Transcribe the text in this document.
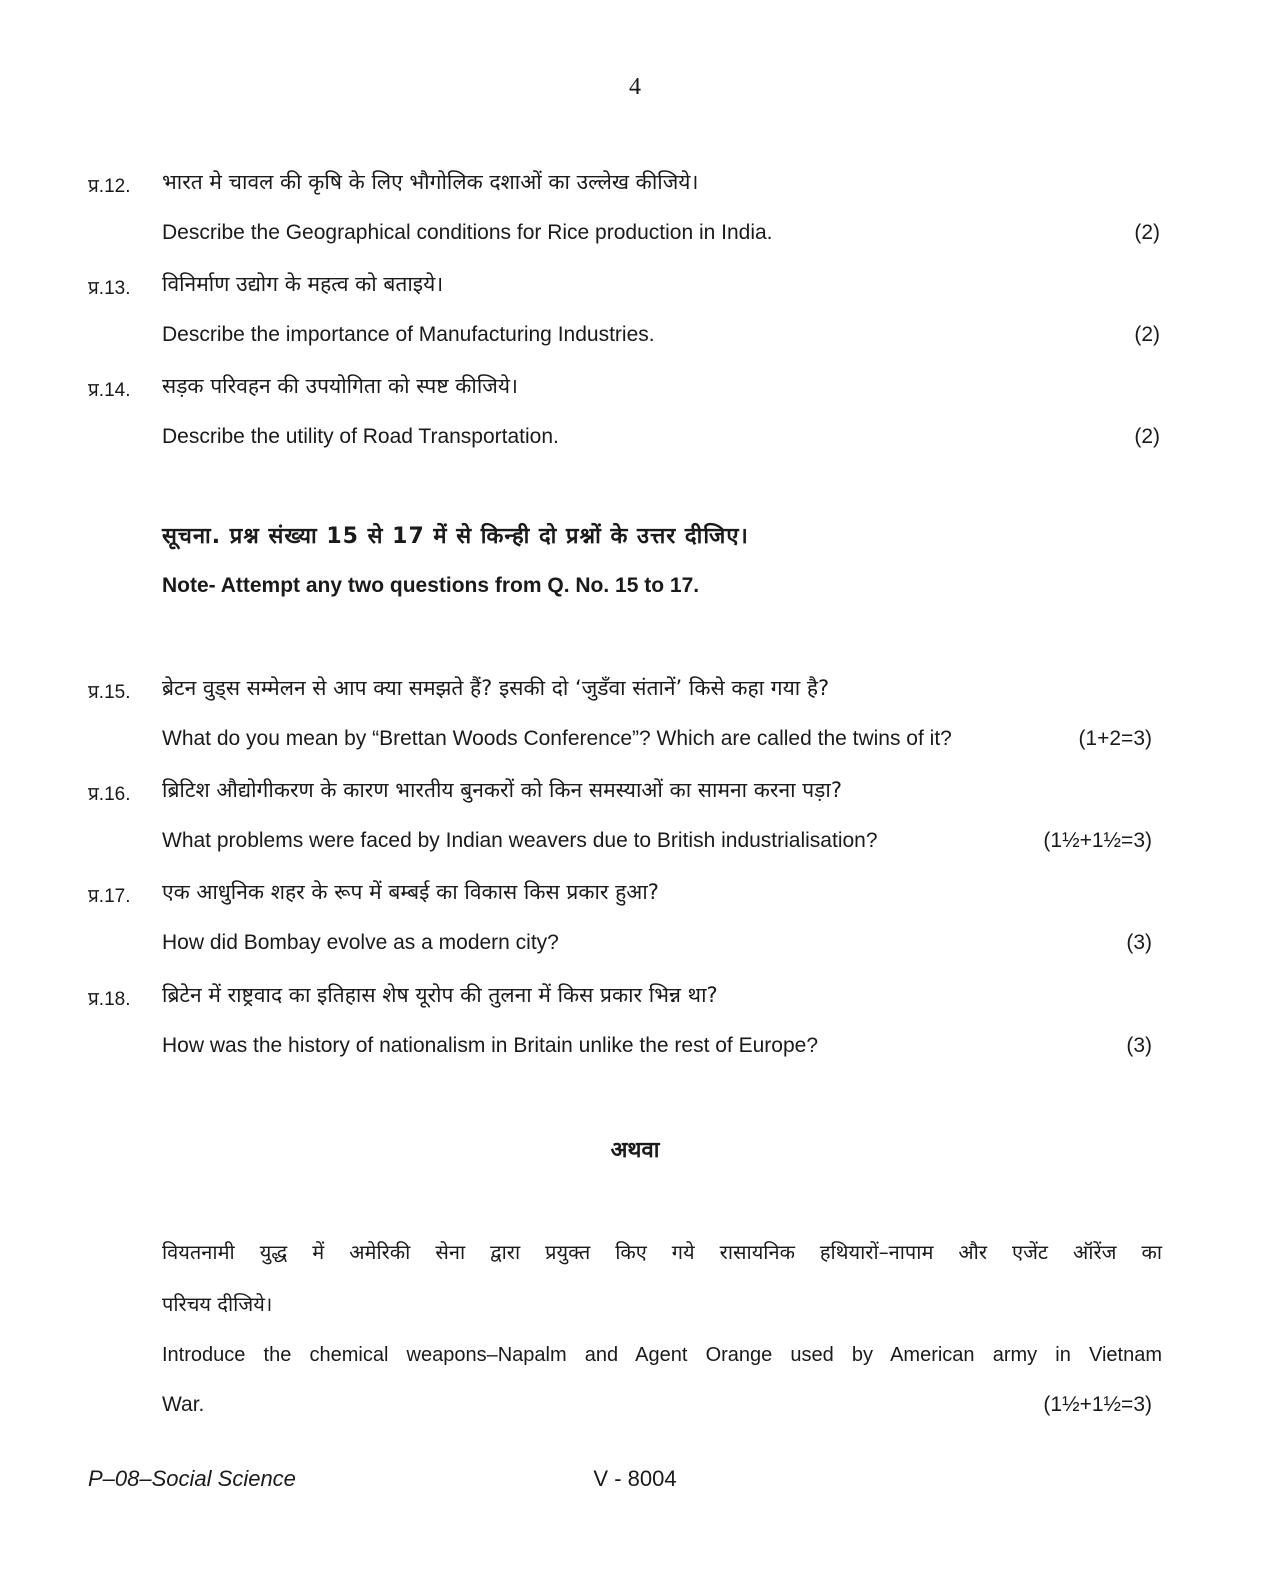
4
प्र.12. भारत मे चावल की कृषि के लिए भौगोलिक दशाओं का उल्लेख कीजिये।
Describe the Geographical conditions for Rice production in India.	(2)
प्र.13. विनिर्माण उद्योग के महत्व को बताइये।
Describe the importance of Manufacturing Industries.	(2)
प्र.14. सड़क परिवहन की उपयोगिता को स्पष्ट कीजिये।
Describe the utility of Road Transportation.	(2)
सूचना. प्रश्न संख्या 15 से 17 में से किन्ही दो प्रश्नों के उत्तर दीजिए।
Note- Attempt any two questions from Q. No. 15 to 17.
प्र.15. ब्रेटन वुड्स सम्मेलन से आप क्या समझते हैं? इसकी दो ‘जुडँवा संतानें’ किसे कहा गया है?
What do you mean by “Brettan Woods Conference”? Which are called the twins of it?	(1+2=3)
प्र.16. ब्रिटिश औद्योगीकरण के कारण भारतीय बुनकरों को किन समस्याओं का सामना करना पड़ा?
What problems were faced by Indian weavers due to British industrialisation?	(1½+1½=3)
प्र.17. एक आधुनिक शहर के रूप में बम्बई का विकास किस प्रकार हुआ?
How did Bombay evolve as a modern city?	(3)
प्र.18. ब्रिटेन में राष्ट्रवाद का इतिहास शेष यूरोप की तुलना में किस प्रकार भिन्न था?
How was the history of nationalism in Britain unlike the rest of Europe?	(3)
अथवा
वियतनामी युद्ध में अमेरिकी सेना द्वारा प्रयुक्त किए गये रासायनिक हथियारों–नापाम और एजेंट ऑरेंज का
परिचय दीजिये।
Introduce the chemical weapons–Napalm and Agent Orange used by American army in Vietnam
War.	(1½+1½=3)
P–08–Social Science	V - 8004
